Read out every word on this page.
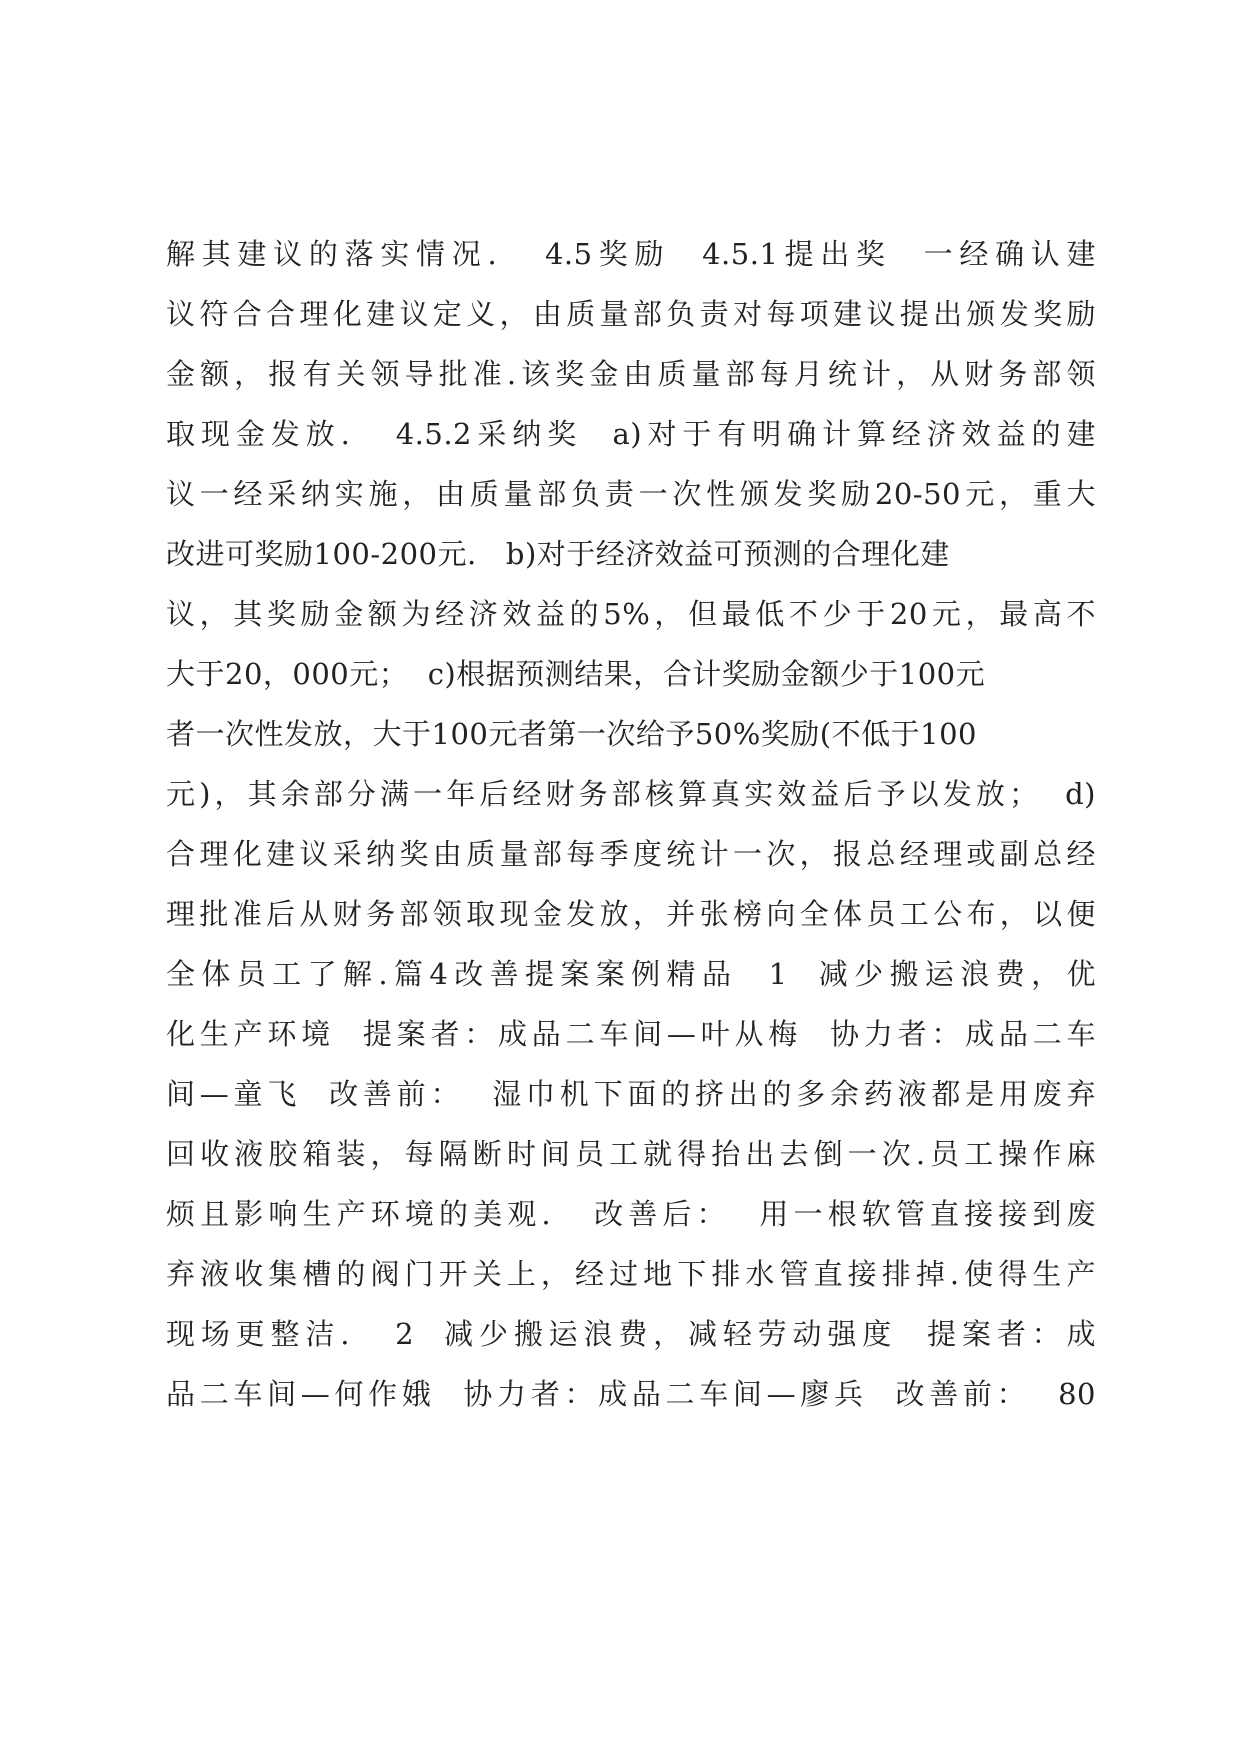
解其建议的落实情况.   4.5奖励  4.5.1提出奖  一经确认建
议符合合理化建议定义，由质量部负责对每项建议提出颁发奖励
金额，报有关领导批准.该奖金由质量部每月统计，从财务部领
取现金发放.   4.5.2采纳奖  a)对于有明确计算经济效益的建
议一经采纳实施，由质量部负责一次性颁发奖励20-50元，重大
改进可奖励100-200元.   b)对于经济效益可预测的合理化建
议，其奖励金额为经济效益的5%，但最低不少于20元，最高不
大于20，000元；  c)根据预测结果，合计奖励金额少于100元
者一次性发放，大于100元者第一次给予50%奖励(不低于100
元)，其余部分满一年后经财务部核算真实效益后予以发放；  d)
合理化建议采纳奖由质量部每季度统计一次，报总经理或副总经
理批准后从财务部领取现金发放，并张榜向全体员工公布，以便
全体员工了解.篇4改善提案案例精品  1  减少搬运浪费，优
化生产环境  提案者：成品二车间—叶从梅  协力者：成品二车
间—童飞  改善前：  湿巾机下面的挤出的多余药液都是用废弃
回收液胶箱装，每隔断时间员工就得抬出去倒一次.员工操作麻
烦且影响生产环境的美观.   改善后：  用一根软管直接接到废
弃液收集槽的阀门开关上，经过地下排水管直接排掉.使得生产
现场更整洁.   2  减少搬运浪费，减轻劳动强度  提案者：成
品二车间—何作娥  协力者：成品二车间—廖兵  改善前：  80
